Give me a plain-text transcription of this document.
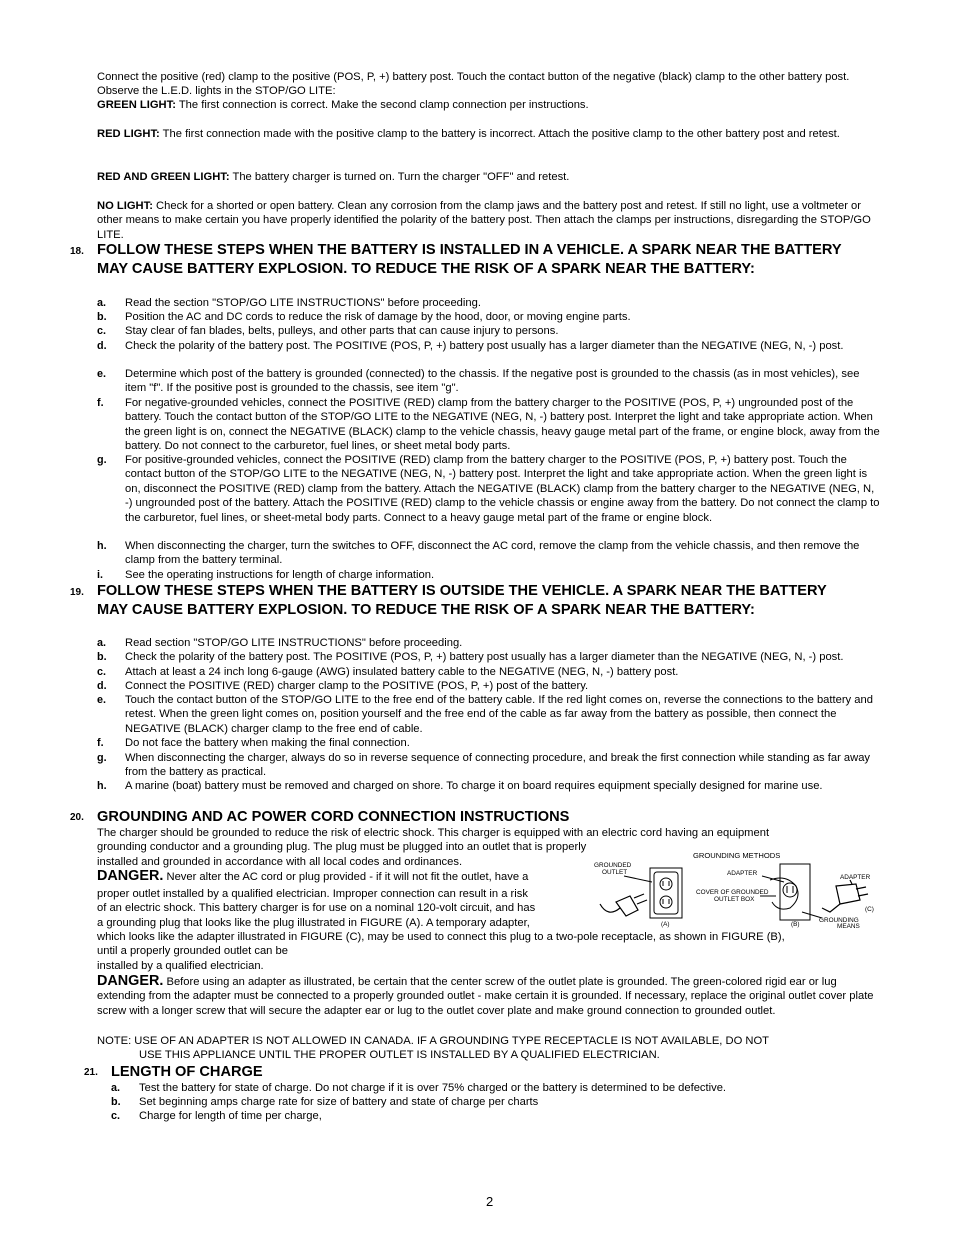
Connect the positive (red) clamp to the positive (POS, P, +) battery post. Touch the contact button of the negative (black) clamp to the other battery post. Observe the L.E.D. lights in the STOP/GO LITE:

GREEN LIGHT: The first connection is correct. Make the second clamp connection per instructions.

RED LIGHT: The first connection made with the positive clamp to the battery is incorrect. Attach the positive clamp to the other battery post and retest.

RED AND GREEN LIGHT: The battery charger is turned on. Turn the charger "OFF" and retest.

NO LIGHT: Check for a shorted or open battery. Clean any corrosion from the clamp jaws and the battery post and retest. If still no light, use a voltmeter or other means to make certain you have properly identified the polarity of the battery post. Then attach the clamps per instructions, disregarding the STOP/GO LITE.

18. FOLLOW THESE STEPS WHEN THE BATTERY IS INSTALLED IN A VEHICLE. A SPARK NEAR THE BATTERY MAY CAUSE BATTERY EXPLOSION. TO REDUCE THE RISK OF A SPARK NEAR THE BATTERY:
a. Read the section "STOP/GO LITE INSTRUCTIONS" before proceeding.
b. Position the AC and DC cords to reduce the risk of damage by the hood, door, or moving engine parts.
c. Stay clear of fan blades, belts, pulleys, and other parts that can cause injury to persons.
d. Check the polarity of the battery post. The POSITIVE (POS, P, +) battery post usually has a larger diameter than the NEGATIVE (NEG, N, -) post.
e. Determine which post of the battery is grounded (connected) to the chassis. If the negative post is grounded to the chassis (as in most vehicles), see item "f". If the positive post is grounded to the chassis, see item "g".
f. For negative-grounded vehicles, connect the POSITIVE (RED) clamp from the battery charger to the POSITIVE (POS, P, +) ungrounded post of the battery. Touch the contact button of the STOP/GO LITE to the NEGATIVE (NEG, N, -) battery post. Interpret the light and take appropriate action. When the green light is on, connect the NEGATIVE (BLACK) clamp to the vehicle chassis, heavy gauge metal part of the frame, or engine block, away from the battery. Do not connect to the carburetor, fuel lines, or sheet metal body parts.
g. For positive-grounded vehicles, connect the POSITIVE (RED) clamp from the battery charger to the POSITIVE (POS, P, +) battery post. Touch the contact button of the STOP/GO LITE to the NEGATIVE (NEG, N, -) battery post. Interpret the light and take appropriate action. When the green light is on, disconnect the POSITIVE (RED) clamp from the battery. Attach the NEGATIVE (BLACK) clamp from the battery charger to the NEGATIVE (NEG, N, -) ungrounded post of the battery. Attach the POSITIVE (RED) clamp to the vehicle chassis or engine away from the battery. Do not connect the clamp to the carburetor, fuel lines, or sheet-metal body parts. Connect to a heavy gauge metal part of the frame or engine block.
h. When disconnecting the charger, turn the switches to OFF, disconnect the AC cord, remove the clamp from the vehicle chassis, and then remove the clamp from the battery terminal.
i. See the operating instructions for length of charge information.
19. FOLLOW THESE STEPS WHEN THE BATTERY IS OUTSIDE THE VEHICLE. A SPARK NEAR THE BATTERY MAY CAUSE BATTERY EXPLOSION. TO REDUCE THE RISK OF A SPARK NEAR THE BATTERY:
a. Read section "STOP/GO LITE INSTRUCTIONS" before proceeding.
b. Check the polarity of the battery post. The POSITIVE (POS, P, +) battery post usually has a larger diameter than the NEGATIVE (NEG, N, -) post.
c. Attach at least a 24 inch long 6-gauge (AWG) insulated battery cable to the NEGATIVE (NEG, N, -) battery post.
d. Connect the POSITIVE (RED) charger clamp to the POSITIVE (POS, P, +) post of the battery.
e. Touch the contact button of the STOP/GO LITE to the free end of the battery cable. If the red light comes on, reverse the connections to the battery and retest. When the green light comes on, position yourself and the free end of the cable as far away from the battery as possible, then connect the NEGATIVE (BLACK) charger clamp to the free end of cable.
f. Do not face the battery when making the final connection.
g. When disconnecting the charger, always do so in reverse sequence of connecting procedure, and break the first connection while standing as far away from the battery as practical.
h. A marine (boat) battery must be removed and charged on shore. To charge it on board requires equipment specially designed for marine use.
20. GROUNDING AND AC POWER CORD CONNECTION INSTRUCTIONS

The charger should be grounded to reduce the risk of electric shock. This charger is equipped with an electric cord having an equipment

grounding conductor and a grounding plug. The plug must be plugged into an outlet that is properly

installed and grounded in accordance with all local codes and ordinances.

DANGER. Never alter the AC cord or plug provided - if it will not fit the outlet, have a

proper outlet installed by a qualified electrician. Improper connection can result in a risk

of an electric shock. This battery charger is for use on a nominal 120-volt circuit, and has

a grounding plug that looks like the plug illustrated in FIGURE (A). A temporary adapter,

which looks like the adapter illustrated in FIGURE (C), may be used to connect this plug to a two-pole receptacle, as shown in FIGURE (B),

until a properly grounded outlet can be

installed by a qualified electrician.

DANGER. Before using an adapter as illustrated, be certain that the center screw of the outlet plate is grounded. The green-colored rigid ear or lug extending from the adapter must be connected to a properly grounded outlet - make certain it is grounded. If necessary, replace the original outlet cover plate screw with a longer screw that will secure the adapter ear or lug to the outlet cover plate and make ground connection to grounded outlet.

NOTE: USE OF AN ADAPTER IS NOT ALLOWED IN CANADA. IF A GROUNDING TYPE RECEPTACLE IS NOT AVAILABLE, DO NOT

USE THIS APPLIANCE UNTIL THE PROPER OUTLET IS INSTALLED BY A QUALIFIED ELECTRICIAN.

GROUNDING METHODS
GROUNDED
OUTLET	ADAPTER
COVER OF GROUNDED
OUTLET BOX
ADAPTER
GROUNDING
MEANS
(A)	(B)
(C)
21. LENGTH OF CHARGE
a. Test the battery for state of charge. Do not charge if it is over 75% charged or the battery is determined to be defective.
b. Set beginning amps charge rate for size of battery and state of charge per charts
c. Charge for length of time per charge,
2
